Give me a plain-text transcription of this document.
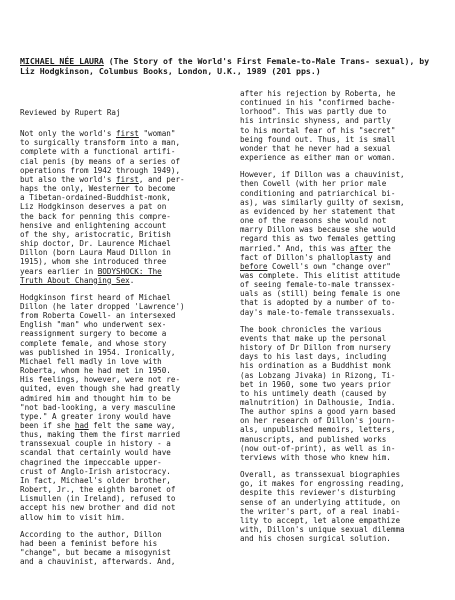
MICHAEL NÉE LAURA (The Story of the World's First Female-to-Male Trans- sexual), by Liz Hodgkinson, Columbus Books, London, U.K., 1989 (201 pps.)

Reviewed by Rupert Raj

Not only the world's first "woman"
to surgically transform into a man,
complete with a functional artifi-
cial penis (by means of a series of
operations from 1942 through 1949),
but also the world's first, and per-
haps the only, Westerner to become
a Tibetan-ordained-Buddhist-monk,
Liz Hodgkinson deserves a pat on
the back for penning this compre-
hensive and enlightening account
of the shy, aristocratic, British
ship doctor, Dr. Laurence Michael
Dillon (born Laura Maud Dillon in
1915), whom she introduced three
years earlier in BODYSHOCK: The
Truth About Changing Sex.

Hodgkinson first heard of Michael
Dillon (he later dropped 'Lawrence')
from Roberta Cowell- an intersexed
English "man" who underwent sex-
reassignment surgery to become a
complete female, and whose story
was published in 1954. Ironically,
Michael fell madly in love with
Roberta, whom he had met in 1950.
His feelings, however, were not re-
quited, even though she had greatly
admired him and thought him to be
"not bad-looking, a very masculine
type." A greater irony would have
been if she had felt the same way,
thus, making them the first married
transsexual couple in history - a
scandal that certainly would have
chagrined the impeccable upper-
crust of Anglo-Irish aristocracy.
In fact, Michael's older brother,
Robert, Jr., the eighth baronet of
Lismullen (in Ireland), refused to
accept his new brother and did not
allow him to visit him.

According to the author, Dillon
had been a feminist before his
"change", but became a misogynist
and a chauvinist, afterwards. And,

after his rejection by Roberta, he
continued in his "confirmed bache-
lorhood". This was partly due to
his intrinsic shyness, and partly
to his mortal fear of his "secret"
being found out. Thus, it is small
wonder that he never had a sexual
experience as either man or woman.

However, if Dillon was a chauvinist,
then Cowell (with her prior male
conditioning and patriarchical bi-
as), was similarly guilty of sexism,
as evidenced by her statement that
one of the reasons she would not
marry Dillon was because she would
regard this as two females getting
married." And, this was after the
fact of Dillon's phalloplasty and
before Cowell's own "change over"
was complete. This elitist attitude
of seeing female-to-male transsex-
uals as (still) being female is one
that is adopted by a number of to-
day's male-to-female transsexuals.

The book chronicles the various
events that make up the personal
history of Dr Dillon from nursery
days to his last days, including
his ordination as a Buddhist monk
(as Lobzang Jivaka) in Rizong, Ti-
bet in 1960, some two years prior
to his untimely death (caused by
malnutrition) in Dalhousie, India.
The author spins a good yarn based
on her research of Dillon's journ-
als, unpublished memoirs, letters,
manuscripts, and published works
(now out-of-print), as well as in-
terviews with those who knew him.

Overall, as transsexual biographies
go, it makes for engrossing reading,
despite this reviewer's disturbing
sense of an underlying attitude, on
the writer's part, of a real inabi-
lity to accept, let alone empathize
with, Dillon's unique sexual dilemma
and his chosen surgical solution.
